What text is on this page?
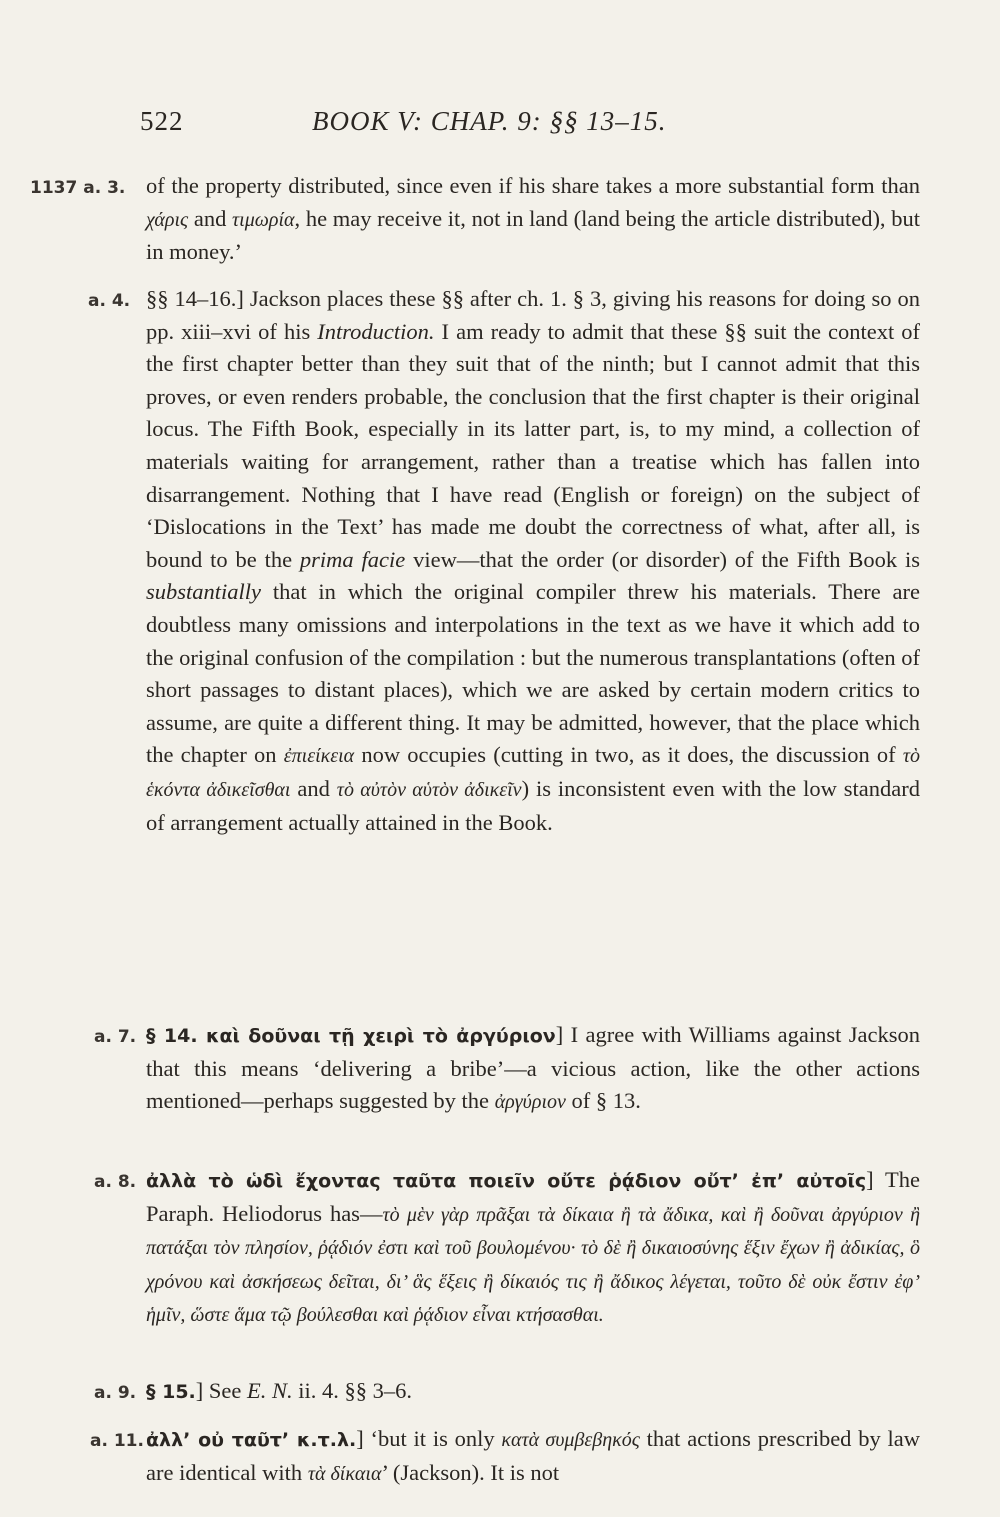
522	BOOK V: CHAP. 9: §§ 13–15.
1137 a. 3. of the property distributed, since even if his share takes a more substantial form than χάρις and τιμωρία, he may receive it, not in land (land being the article distributed), but in money.’
a. 4. §§ 14–16.] Jackson places these §§ after ch. 1. § 3, giving his reasons for doing so on pp. xiii–xvi of his Introduction. I am ready to admit that these §§ suit the context of the first chapter better than they suit that of the ninth; but I cannot admit that this proves, or even renders probable, the conclusion that the first chapter is their original locus. The Fifth Book, especially in its latter part, is, to my mind, a collection of materials waiting for arrangement, rather than a treatise which has fallen into disarrangement. Nothing that I have read (English or foreign) on the subject of ‘Dislocations in the Text’ has made me doubt the correctness of what, after all, is bound to be the prima facie view—that the order (or disorder) of the Fifth Book is substantially that in which the original compiler threw his materials. There are doubtless many omissions and interpolations in the text as we have it which add to the original confusion of the compilation : but the numerous transplantations (often of short passages to distant places), which we are asked by certain modern critics to assume, are quite a different thing. It may be admitted, however, that the place which the chapter on ἐπιείκεια now occupies (cutting in two, as it does, the discussion of τὸ ἑκόντα ἀδικεῖσθαι and τὸ αὐτὸν αὑτὸν ἀδικεῖν) is inconsistent even with the low standard of arrangement actually attained in the Book.
a. 7. § 14. καὶ δοῦναι τῇ χειρὶ τὸ ἀργύριον] I agree with Williams against Jackson that this means ‘delivering a bribe’—a vicious action, like the other actions mentioned—perhaps suggested by the ἀργύριον of § 13.
a. 8. ἀλλὰ τὸ ὡδὶ ἔχοντας ταῦτα ποιεῖν οὔτε ῥᾴδιον οὔτ’ ἐπ’ αὐτοῖς] The Paraph. Heliodorus has—τὸ μὲν γὰρ πρᾶξαι τὰ δίκαια ἢ τὰ ἄδικα, καὶ ἢ δοῦναι ἀργύριον ἢ πατάξαι τὸν πλησίον, ῥᾴδιόν ἐστι καὶ τοῦ βουλομένου· τὸ δὲ ἢ δικαιοσύνης ἕξιν ἔχων ἢ ἀδικίας, ὃ χρόνου καὶ ἀσκήσεως δεῖται, δι’ ἃς ἕξεις ἢ δίκαιός τις ἢ ἄδικος λέγεται, τοῦτο δὲ οὐκ ἔστιν ἐφ’ ἡμῖν, ὥστε ἅμα τῷ βούλεσθαι καὶ ῥᾴδιον εἶναι κτήσασθαι.
a. 9. § 15.] See E. N. ii. 4. §§ 3–6.
a. 11. ἀλλ’ οὐ ταῦτ’ κ.τ.λ.] ‘but it is only κατὰ συμβεβηκός that actions prescribed by law are identical with τὰ δίκαια’ (Jackson). It is not
